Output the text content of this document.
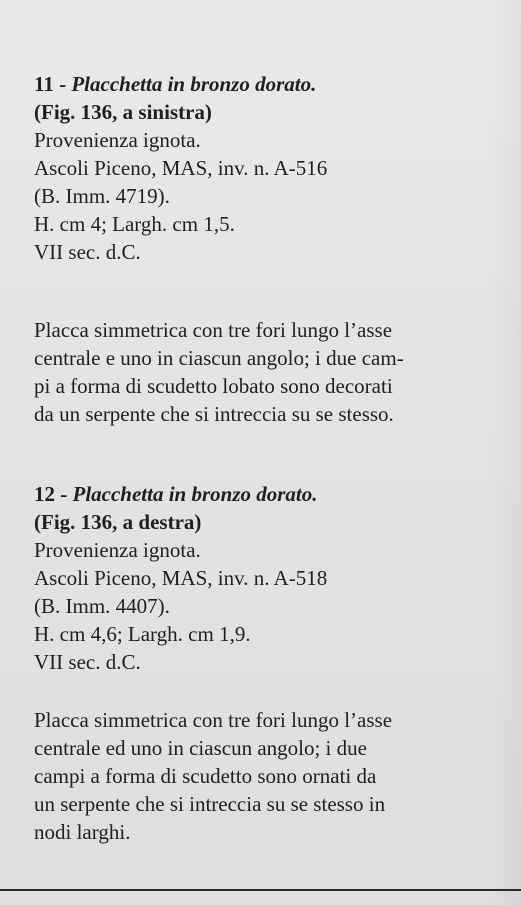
11 - Placchetta in bronzo dorato.
(Fig. 136, a sinistra)
Provenienza ignota.
Ascoli Piceno, MAS, inv. n. A-516
(B. Imm. 4719).
H. cm 4; Largh. cm 1,5.
VII sec. d.C.
Placca simmetrica con tre fori lungo l’asse
centrale e uno in ciascun angolo; i due cam-
pi a forma di scudetto lobato sono decorati
da un serpente che si intreccia su se stesso.
12 - Placchetta in bronzo dorato.
(Fig. 136, a destra)
Provenienza ignota.
Ascoli Piceno, MAS, inv. n. A-518
(B. Imm. 4407).
H. cm 4,6; Largh. cm 1,9.
VII sec. d.C.
Placca simmetrica con tre fori lungo l’asse
centrale ed uno in ciascun angolo; i due
campi a forma di scudetto sono ornati da
un serpente che si intreccia su se stesso in
nodi larghi.
